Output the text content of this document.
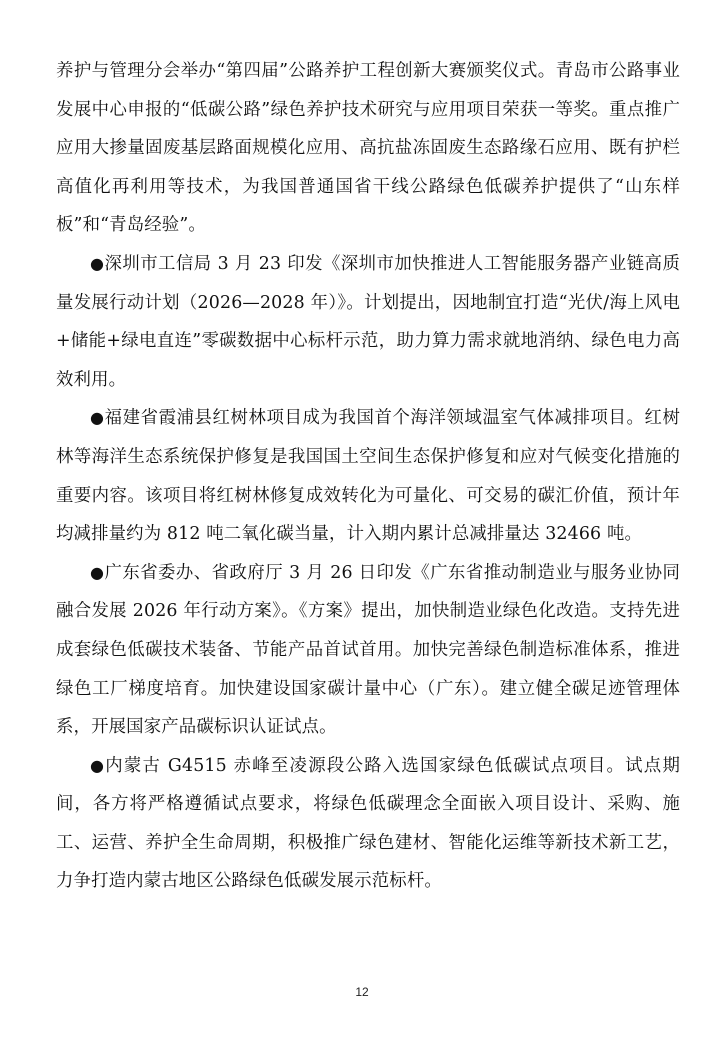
养护与管理分会举办“第四届”公路养护工程创新大赛颁奖仪式。青岛市公路事业发展中心申报的“低碳公路”绿色养护技术研究与应用项目荣获一等奖。重点推广应用大掺量固废基层路面规模化应用、高抗盐冻固废生态路缘石应用、既有护栏高值化再利用等技术，为我国普通国省干线公路绿色低碳养护提供了“山东样板”和“青岛经验”。

●深圳市工信局 3 月 23 印发《深圳市加快推进人工智能服务器产业链高质量发展行动计划（2026—2028 年）》。计划提出，因地制宜打造“光伏/海上风电+储能+绿电直连”零碳数据中心标杆示范，助力算力需求就地消纳、绿色电力高效利用。

●福建省霞浦县红树林项目成为我国首个海洋领域温室气体减排项目。红树林等海洋生态系统保护修复是我国国土空间生态保护修复和应对气候变化措施的重要内容。该项目将红树林修复成效转化为可量化、可交易的碳汇价值，预计年均减排量约为 812 吨二氧化碳当量，计入期内累计总减排量达 32466 吨。

●广东省委办、省政府厅 3 月 26 日印发《广东省推动制造业与服务业协同融合发展 2026 年行动方案》。《方案》提出，加快制造业绿色化改造。支持先进成套绿色低碳技术装备、节能产品首试首用。加快完善绿色制造标准体系，推进绿色工厂梯度培育。加快建设国家碳计量中心（广东）。建立健全碳足迹管理体系，开展国家产品碳标识认证试点。

●内蒙古 G4515 赤峰至凌源段公路入选国家绿色低碳试点项目。试点期间，各方将严格遵循试点要求，将绿色低碳理念全面嵌入项目设计、采购、施工、运营、养护全生命周期，积极推广绿色建材、智能化运维等新技术新工艺，力争打造内蒙古地区公路绿色低碳发展示范标杆。

12
